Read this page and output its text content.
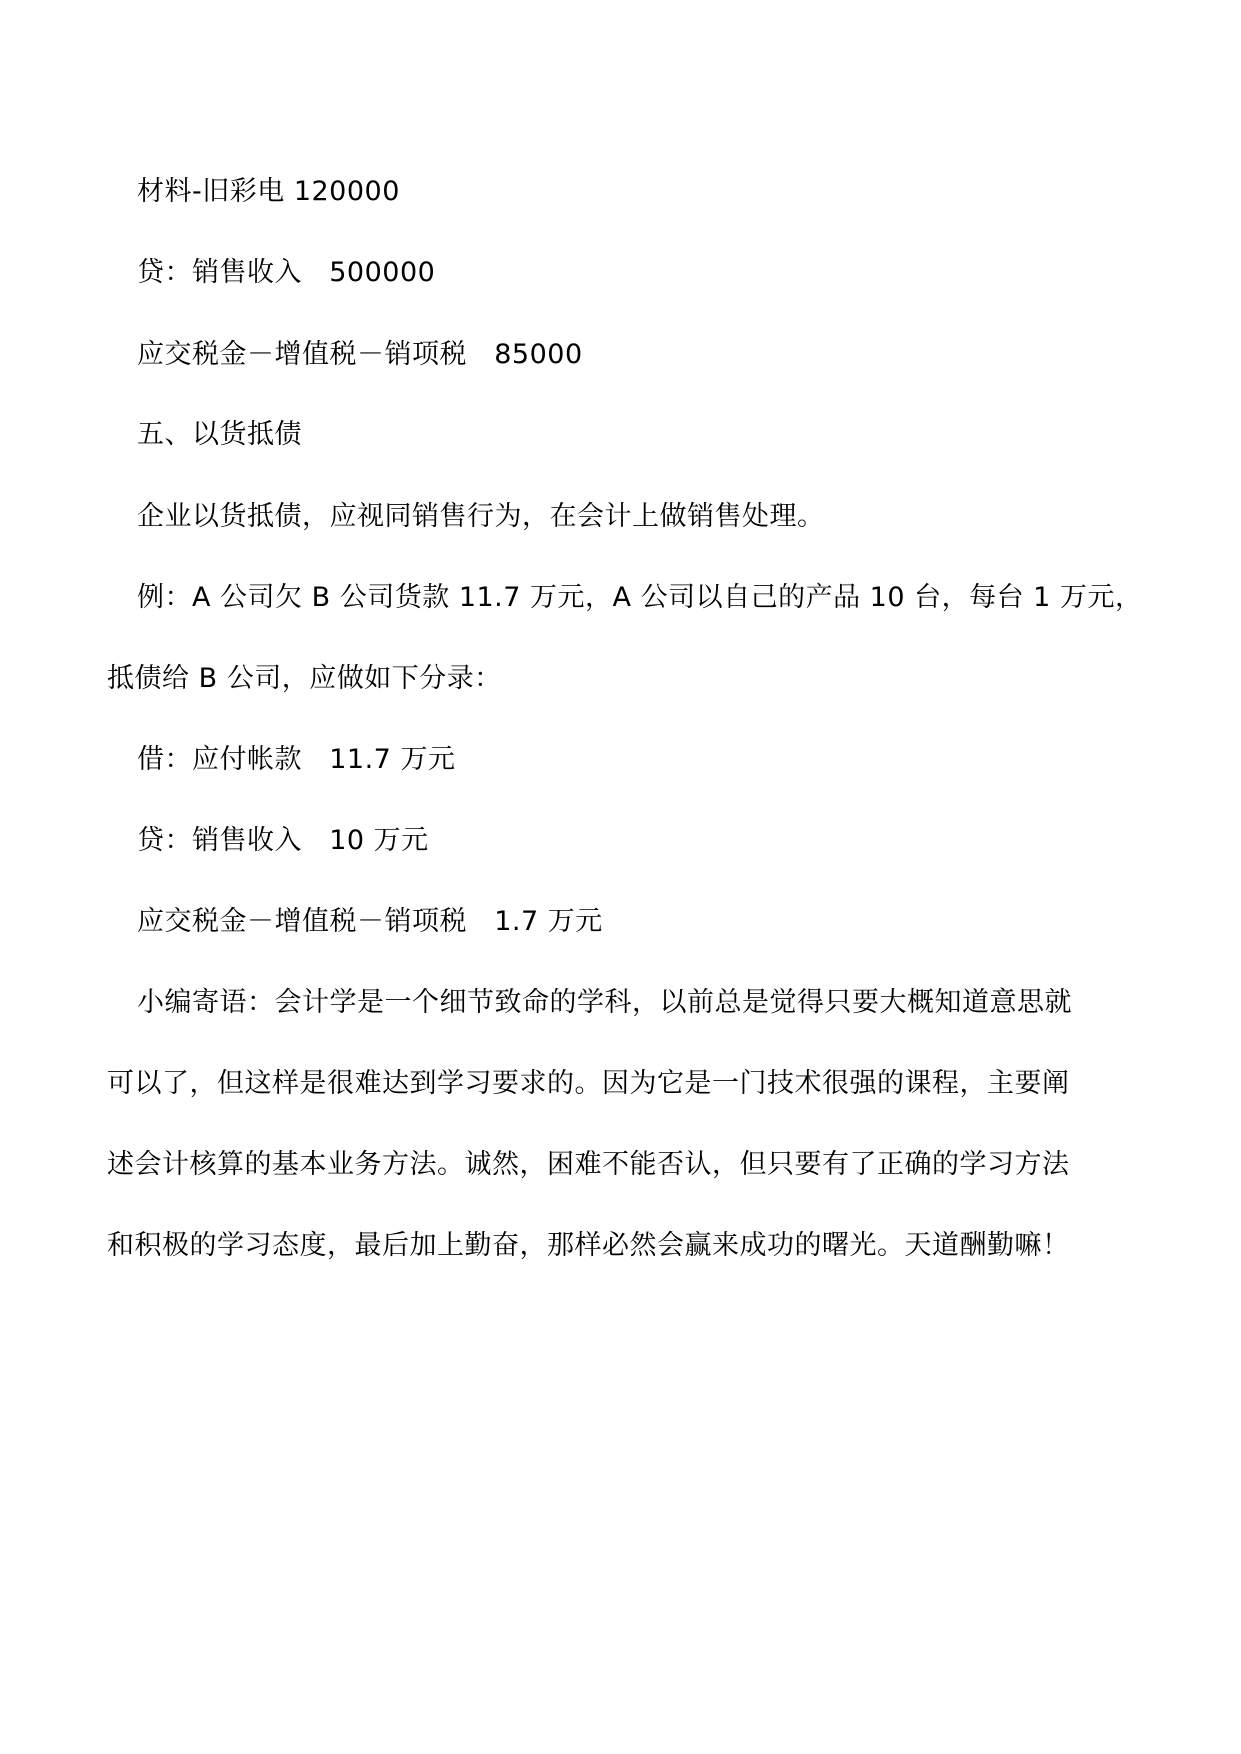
材料-旧彩电 120000
贷：销售收入   500000
应交税金－增值税－销项税   85000
五、以货抵债
企业以货抵债，应视同销售行为，在会计上做销售处理。
例：A 公司欠 B 公司货款 11.7 万元，A 公司以自己的产品 10 台，每台 1 万元，
抵债给 B 公司，应做如下分录：
借：应付帐款   11.7 万元
贷：销售收入   10 万元
应交税金－增值税－销项税   1.7 万元
小编寄语：会计学是一个细节致命的学科，以前总是觉得只要大概知道意思就
可以了，但这样是很难达到学习要求的。因为它是一门技术很强的课程，主要阐
述会计核算的基本业务方法。诚然，困难不能否认，但只要有了正确的学习方法
和积极的学习态度，最后加上勤奋，那样必然会赢来成功的曙光。天道酬勤嘛！
